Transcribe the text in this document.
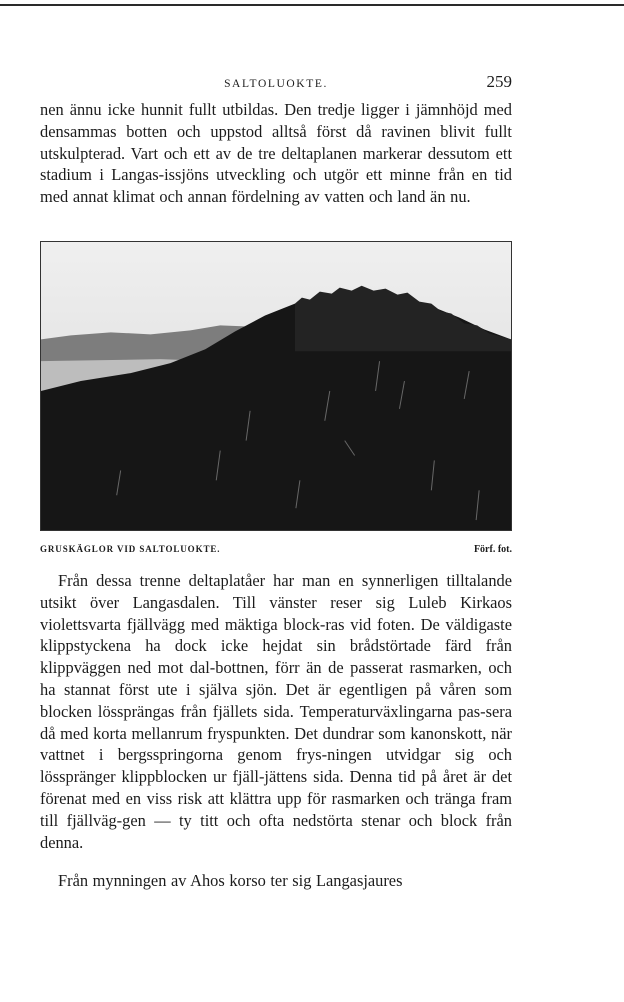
SALTOLUOKTE.	259
nen ännu icke hunnit fullt utbildas. Den tredje ligger i jämnhöjd med densammas botten och uppstod alltså först då ravinen blivit fullt utskulpterad. Vart och ett av de tre deltaplanen markerar dessutom ett stadium i Langas-issjöns utveckling och utgör ett minne från en tid med annat klimat och annan fördelning av vatten och land än nu.
GRUSKÄGLOR VID SALTOLUOKTE.	Förf. fot.
Från dessa trenne deltaplatåer har man en synnerligen tilltalande utsikt över Langasdalen. Till vänster reser sig Luleb Kirkaos violettsvarta fjällvägg med mäktiga block-ras vid foten. De väldigaste klippstyckena ha dock icke hejdat sin brådstörtade färd från klippväggen ned mot dal-bottnen, förr än de passerat rasmarken, och ha stannat först ute i själva sjön. Det är egentligen på våren som blocken lössprängas från fjällets sida. Temperaturväxlingarna pas-sera då med korta mellanrum fryspunkten. Det dundrar som kanonskott, när vattnet i bergsspringorna genom frys-ningen utvidgar sig och lösspränger klippblocken ur fjäll-jättens sida. Denna tid på året är det förenat med en viss risk att klättra upp för rasmarken och tränga fram till fjällväg-gen — ty titt och ofta nedstörta stenar och block från denna.
Från mynningen av Ahos korso ter sig Langasjaures
